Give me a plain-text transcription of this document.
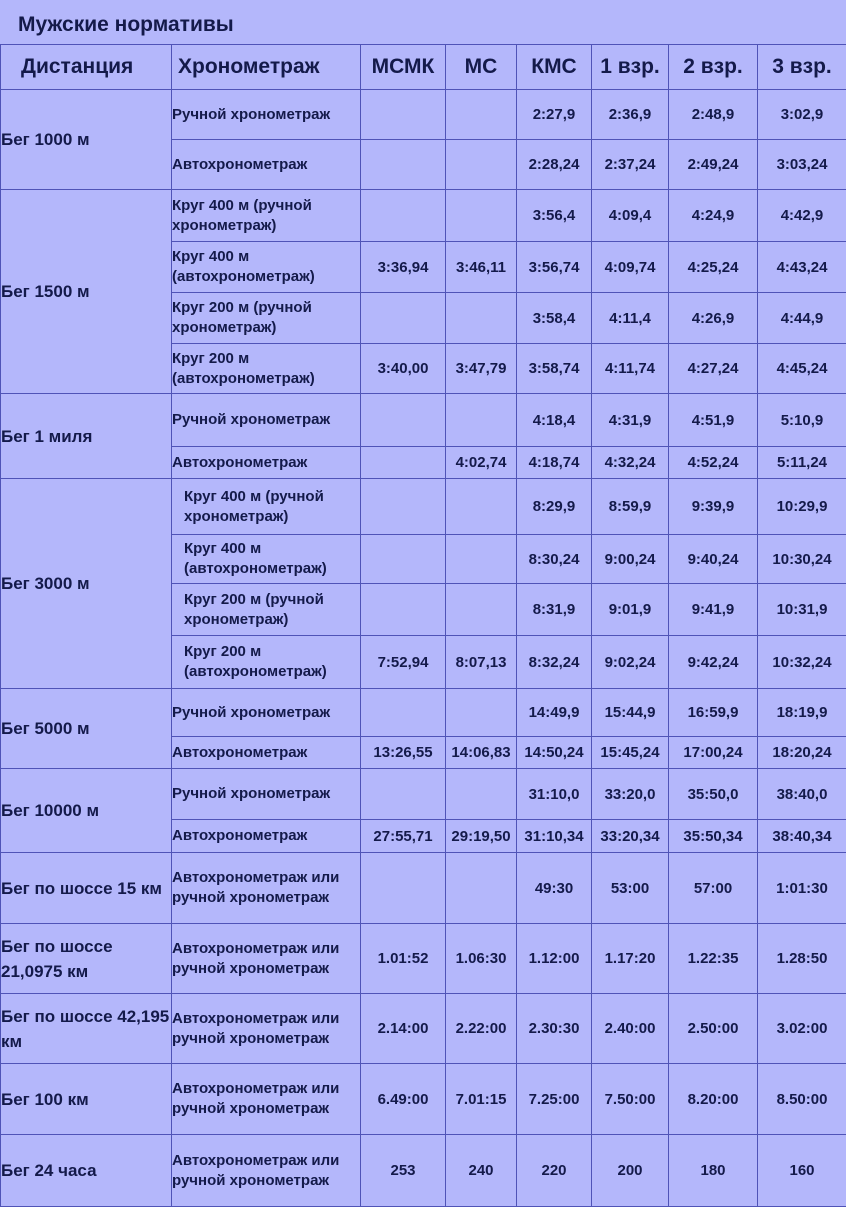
Мужские нормативы
Дистанция	Хронометраж	МСМК	МС	КМС	1 взр.	2 взр.	3 взр.
Бег 1000 м	Ручной хронометраж			2:27,9	2:36,9	2:48,9	3:02,9
	Автохронометраж			2:28,24	2:37,24	2:49,24	3:03,24
Бег 1500 м	Круг 400 м (ручной хронометраж)			3:56,4	4:09,4	4:24,9	4:42,9
	Круг 400 м (автохронометраж)	3:36,94	3:46,11	3:56,74	4:09,74	4:25,24	4:43,24
	Круг 200 м (ручной хронометраж)			3:58,4	4:11,4	4:26,9	4:44,9
	Круг 200 м (автохронометраж)	3:40,00	3:47,79	3:58,74	4:11,74	4:27,24	4:45,24
Бег 1 миля	Ручной хронометраж			4:18,4	4:31,9	4:51,9	5:10,9
	Автохронометраж		4:02,74	4:18,74	4:32,24	4:52,24	5:11,24
Бег 3000 м	Круг 400 м (ручной хронометраж)			8:29,9	8:59,9	9:39,9	10:29,9
	Круг 400 м (автохронометраж)			8:30,24	9:00,24	9:40,24	10:30,24
	Круг 200 м (ручной хронометраж)			8:31,9	9:01,9	9:41,9	10:31,9
	Круг 200 м (автохронометраж)	7:52,94	8:07,13	8:32,24	9:02,24	9:42,24	10:32,24
Бег 5000 м	Ручной хронометраж			14:49,9	15:44,9	16:59,9	18:19,9
	Автохронометраж	13:26,55	14:06,83	14:50,24	15:45,24	17:00,24	18:20,24
Бег 10000 м	Ручной хронометраж			31:10,0	33:20,0	35:50,0	38:40,0
	Автохронометраж	27:55,71	29:19,50	31:10,34	33:20,34	35:50,34	38:40,34
Бег по шоссе 15 км	Автохронометраж или ручной хронометраж			49:30	53:00	57:00	1:01:30
Бег по шоссе 21,0975 км	Автохронометраж или ручной хронометраж	1.01:52	1.06:30	1.12:00	1.17:20	1.22:35	1.28:50
Бег по шоссе 42,195 км	Автохронометраж или ручной хронометраж	2.14:00	2.22:00	2.30:30	2.40:00	2.50:00	3.02:00
Бег 100 км	Автохронометраж или ручной хронометраж	6.49:00	7.01:15	7.25:00	7.50:00	8.20:00	8.50:00
Бег 24 часа	Автохронометраж или ручной хронометраж	253	240	220	200	180	160
